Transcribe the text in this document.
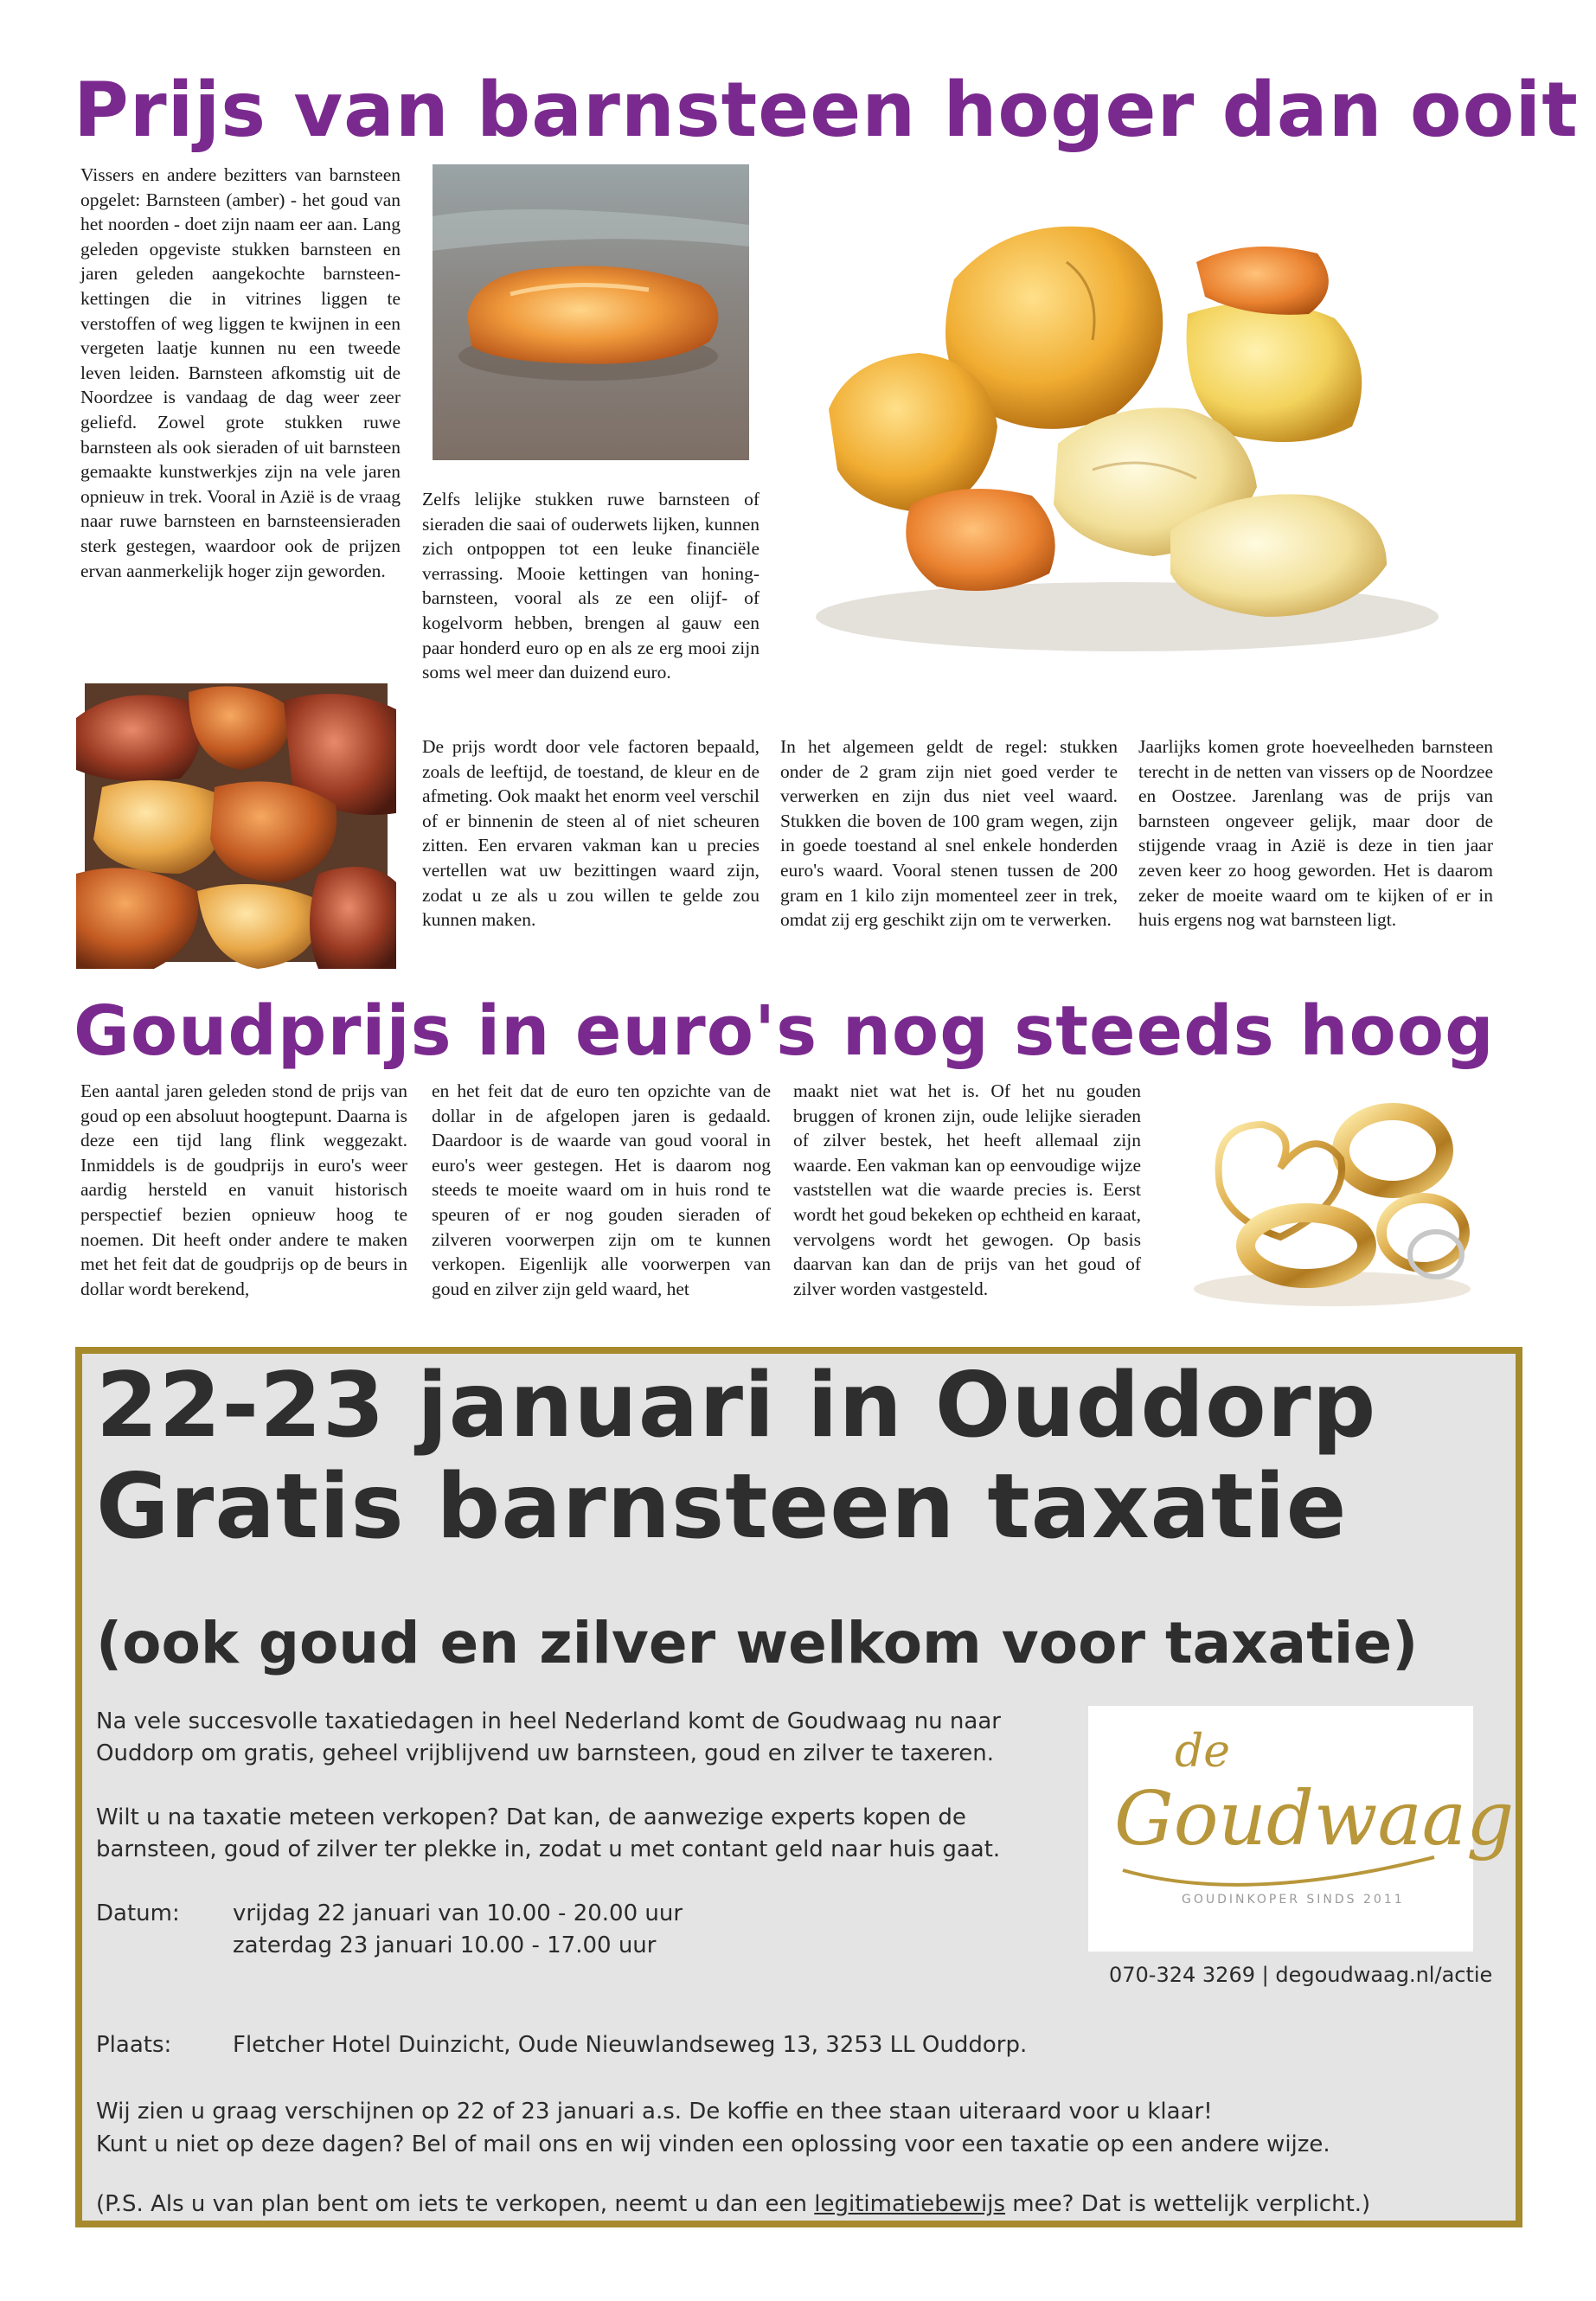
Prijs van barnsteen hoger dan ooit

Vissers en andere bezitters van barnsteen opgelet: Barnsteen (amber) - het goud van het noorden - doet zijn naam eer aan. Lang geleden opgeviste stukken barnsteen en jaren geleden aangekochte barnsteen-kettingen die in vitrines liggen te verstoffen of weg liggen te kwijnen in een vergeten laatje kunnen nu een tweede leven leiden. Barnsteen afkomstig uit de Noordzee is vandaag de dag weer zeer geliefd. Zowel grote stukken ruwe barnsteen als ook sieraden of uit barnsteen gemaakte kunstwerkjes zijn na vele jaren opnieuw in trek. Vooral in Azië is de vraag naar ruwe barnsteen en barnsteensieraden sterk gestegen, waardoor ook de prijzen ervan aanmerkelijk hoger zijn geworden.

Zelfs lelijke stukken ruwe barnsteen of sieraden die saai of ouderwets lijken, kunnen zich ontpoppen tot een leuke financiële verrassing. Mooie kettingen van honing-barnsteen, vooral als ze een olijf- of kogelvorm hebben, brengen al gauw een paar honderd euro op en als ze erg mooi zijn soms wel meer dan duizend euro.

De prijs wordt door vele factoren bepaald, zoals de leeftijd, de toestand, de kleur en de afmeting. Ook maakt het enorm veel verschil of er binnenin de steen al of niet scheuren zitten. Een ervaren vakman kan u precies vertellen wat uw bezittingen waard zijn, zodat u ze als u zou willen te gelde zou kunnen maken.

In het algemeen geldt de regel: stukken onder de 2 gram zijn niet goed verder te verwerken en zijn dus niet veel waard. Stukken die boven de 100 gram wegen, zijn in goede toestand al snel enkele honderden euro's waard. Vooral stenen tussen de 200 gram en 1 kilo zijn momenteel zeer in trek, omdat zij erg geschikt zijn om te verwerken.

Jaarlijks komen grote hoeveelheden barnsteen terecht in de netten van vissers op de Noordzee en Oostzee. Jarenlang was de prijs van barnsteen ongeveer gelijk, maar door de stijgende vraag in Azië is deze in tien jaar zeven keer zo hoog geworden. Het is daarom zeker de moeite waard om te kijken of er in huis ergens nog wat barnsteen ligt.

Goudprijs in euro's nog steeds hoog

Een aantal jaren geleden stond de prijs van goud op een absoluut hoogtepunt. Daarna is deze een tijd lang flink weggezakt. Inmiddels is de goudprijs in euro's weer aardig hersteld en vanuit historisch perspectief bezien opnieuw hoog te noemen. Dit heeft onder andere te maken met het feit dat de goudprijs op de beurs in dollar wordt berekend,

en het feit dat de euro ten opzichte van de dollar in de afgelopen jaren is gedaald. Daardoor is de waarde van goud vooral in euro's weer gestegen. Het is daarom nog steeds te moeite waard om in huis rond te speuren of er nog gouden sieraden of zilveren voorwerpen zijn om te kunnen verkopen. Eigenlijk alle voorwerpen van goud en zilver zijn geld waard, het

maakt niet wat het is. Of het nu gouden bruggen of kronen zijn, oude lelijke sieraden of zilver bestek, het heeft allemaal zijn waarde. Een vakman kan op eenvoudige wijze vaststellen wat die waarde precies is. Eerst wordt het goud bekeken op echtheid en karaat, vervolgens wordt het gewogen. Op basis daarvan kan dan de prijs van het goud of zilver worden vastgesteld.

22-23 januari in Ouddorp
Gratis barnsteen taxatie
(ook goud en zilver welkom voor taxatie)

Na vele succesvolle taxatiedagen in heel Nederland komt de Goudwaag nu naar Ouddorp om gratis, geheel vrijblijvend uw barnsteen, goud en zilver te taxeren.

Wilt u na taxatie meteen verkopen? Dat kan, de aanwezige experts kopen de barnsteen, goud of zilver ter plekke in, zodat u met contant geld naar huis gaat.

Datum: vrijdag 22 januari van 10.00 - 20.00 uur
zaterdag 23 januari 10.00 - 17.00 uur
de
Goudwaag
GOUDINKOPER SINDS 2011
070-324 3269 | degoudwaag.nl/actie
Plaats:	Fletcher Hotel Duinzicht, Oude Nieuwlandseweg 13, 3253 LL Ouddorp.
Wij zien u graag verschijnen op 22 of 23 januari a.s. De koffie en thee staan uiteraard voor u klaar!
Kunt u niet op deze dagen? Bel of mail ons en wij vinden een oplossing voor een taxatie op een andere wijze.
(P.S. Als u van plan bent om iets te verkopen, neemt u dan een legitimatiebewijs mee? Dat is wettelijk verplicht.)
